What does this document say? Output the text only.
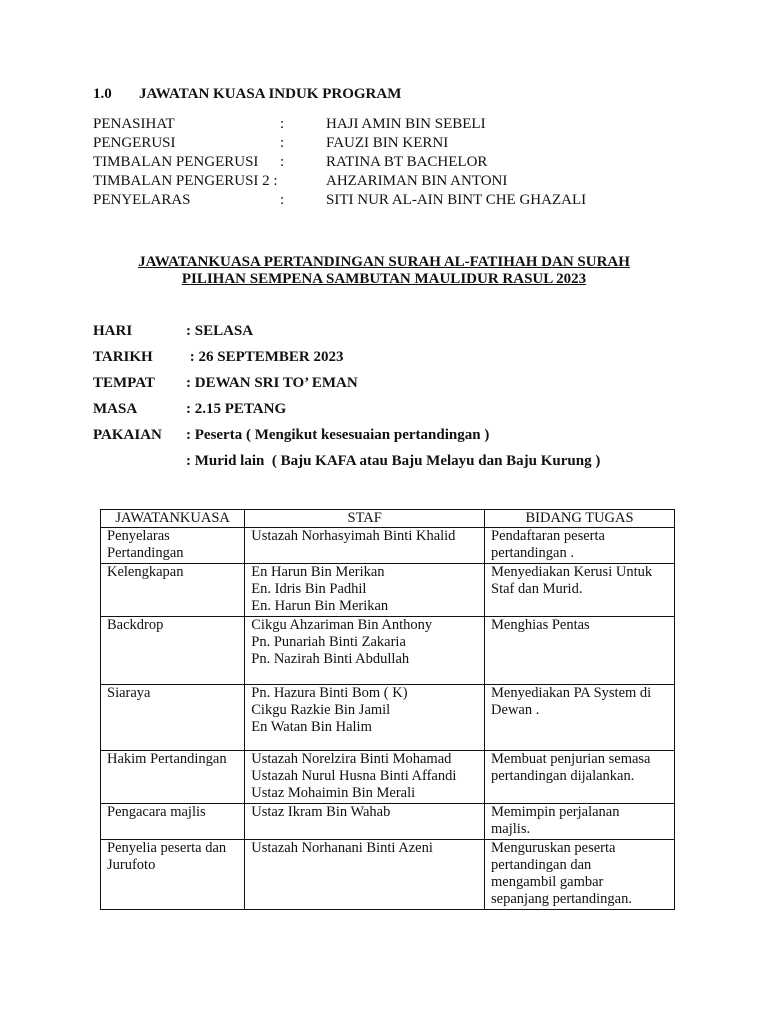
1.0 JAWATAN KUASA INDUK PROGRAM
PENASIHAT	:	HAJI AMIN BIN SEBELI
PENGERUSI	:	FAUZI BIN KERNI
TIMBALAN PENGERUSI :	RATINA BT BACHELOR
TIMBALAN PENGERUSI 2 :	AHZARIMAN BIN ANTONI
PENYELARAS	:	SITI NUR AL-AIN BINT CHE GHAZALI
JAWATANKUASA PERTANDINGAN SURAH AL-FATIHAH DAN SURAH
PILIHAN SEMPENA SAMBUTAN MAULIDUR RASUL 2023
HARI	: SELASA
TARIKH : 26 SEPTEMBER 2023
TEMPAT : DEWAN SRI TO’ EMAN
MASA	: 2.15 PETANG
PAKAIAN : Peserta ( Mengikut kesesuaian pertandingan )
: Murid lain  ( Baju KAFA atau Baju Melayu dan Baju Kurung )
JAWATANKUASA	STAF	BIDANG TUGAS

Penyelaras
Pertandingan	Ustazah Norhasyimah Binti Khalid	Pendaftaran peserta
pertandingan .

Kelengkapan	En Harun Bin Merikan
En. Idris Bin Padhil
En. Harun Bin Merikan	Menyediakan Kerusi Untuk
Staf dan Murid.

Backdrop	Cikgu Ahzariman Bin Anthony
Pn. Punariah Binti Zakaria
Pn. Nazirah Binti Abdullah	Menghias Pentas

Siaraya	Pn. Hazura Binti Bom ( K)
Cikgu Razkie Bin Jamil
En Watan Bin Halim	Menyediakan PA System di
Dewan .

Hakim Pertandingan	Ustazah Norelzira Binti Mohamad
Ustazah Nurul Husna Binti Affandi
Ustaz Mohaimin Bin Merali	Membuat penjurian semasa
pertandingan dijalankan.

Pengacara majlis	Ustaz Ikram Bin Wahab	Memimpin perjalanan
majlis.

Penyelia peserta dan
Jurufoto	Ustazah Norhanani Binti Azeni	Menguruskan peserta
pertandingan dan
mengambil gambar
sepanjang pertandingan.
